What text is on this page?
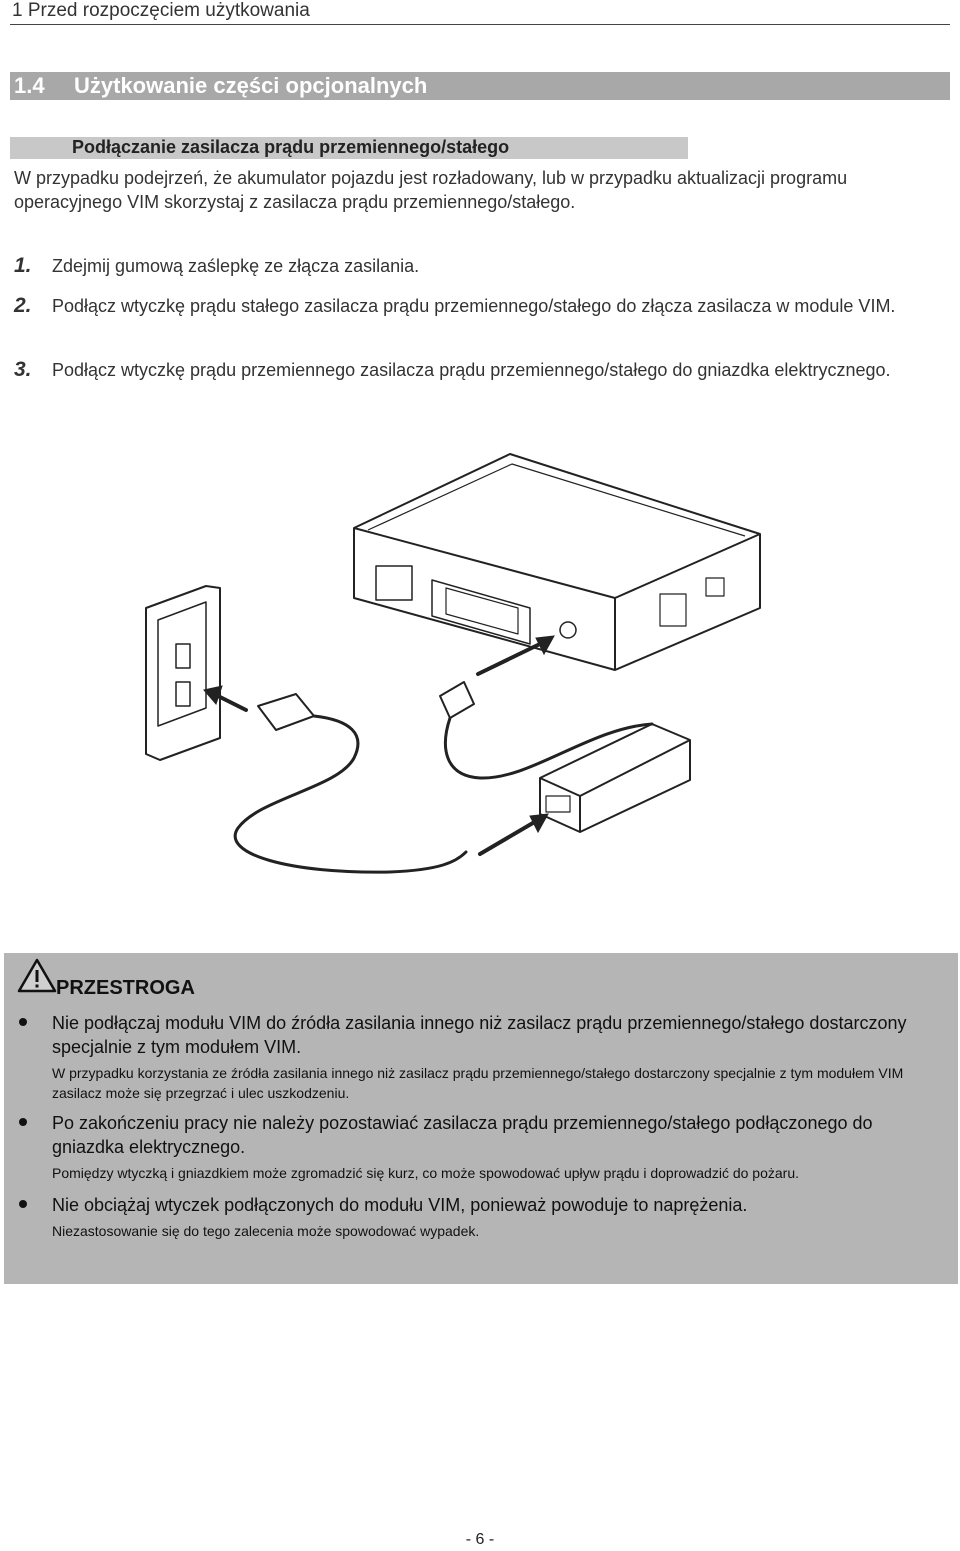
1 Przed rozpoczęciem użytkowania
1.4 Użytkowanie części opcjonalnych
Podłączanie zasilacza prądu przemiennego/stałego
W przypadku podejrzeń, że akumulator pojazdu jest rozładowany, lub w przypadku aktualizacji programu operacyjnego VIM skorzystaj z zasilacza prądu przemiennego/stałego.
1. Zdejmij gumową zaślepkę ze złącza zasilania.
2. Podłącz wtyczkę prądu stałego zasilacza prądu przemiennego/stałego do złącza zasilacza w module VIM.
3. Podłącz wtyczkę prądu przemiennego zasilacza prądu przemiennego/stałego do gniazdka elektrycznego.
PRZESTROGA
Nie podłączaj modułu VIM do źródła zasilania innego niż zasilacz prądu przemiennego/stałego dostarczony specjalnie z tym modułem VIM.
W przypadku korzystania ze źródła zasilania innego niż zasilacz prądu przemiennego/stałego dostarczony specjalnie z tym modułem VIM zasilacz może się przegrzać i ulec uszkodzeniu.
Po zakończeniu pracy nie należy pozostawiać zasilacza prądu przemiennego/stałego podłączonego do gniazdka elektrycznego.
Pomiędzy wtyczką i gniazdkiem może zgromadzić się kurz, co może spowodować upływ prądu i doprowadzić do pożaru.
Nie obciążaj wtyczek podłączonych do modułu VIM, ponieważ powoduje to naprężenia.
Niezastosowanie się do tego zalecenia może spowodować wypadek.
- 6 -
